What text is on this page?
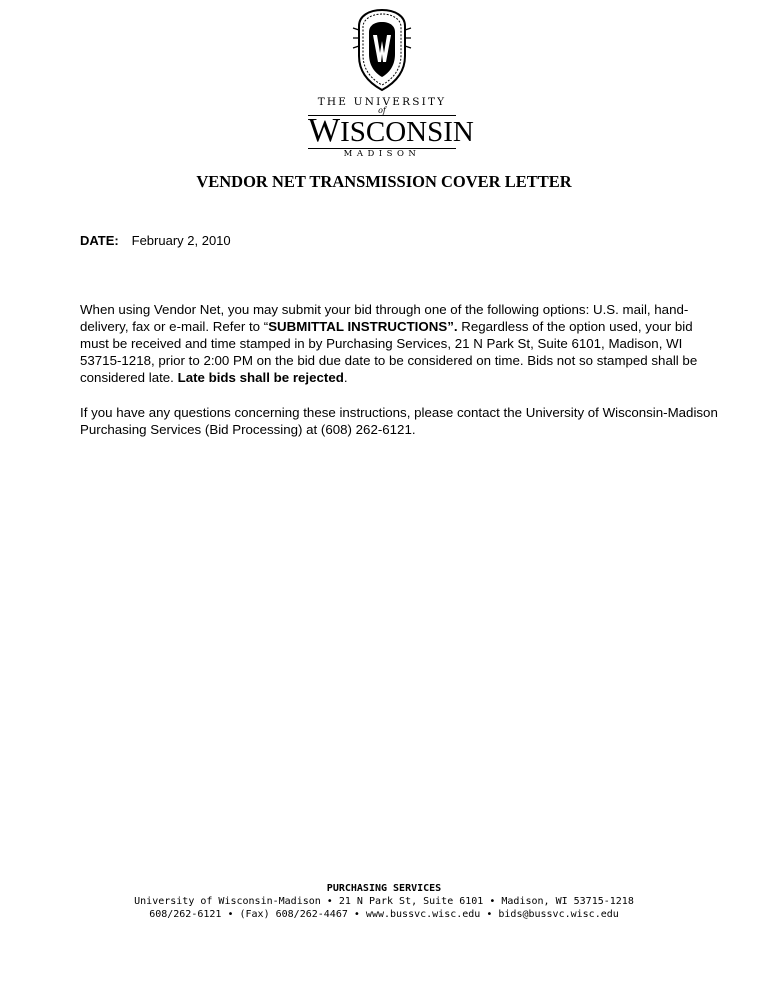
THE UNIVERSITY
of
WISCONSIN
MADISON
VENDOR NET TRANSMISSION COVER LETTER
DATE: February 2, 2010
When using Vendor Net, you may submit your bid through one of the following options: U.S. mail, hand-delivery, fax or e-mail. Refer to “SUBMITTAL INSTRUCTIONS”. Regardless of the option used, your bid must be received and time stamped in by Purchasing Services, 21 N Park St, Suite 6101, Madison, WI 53715-1218, prior to 2:00 PM on the bid due date to be considered on time. Bids not so stamped shall be considered late. Late bids shall be rejected.
If you have any questions concerning these instructions, please contact the University of Wisconsin-Madison Purchasing Services (Bid Processing) at (608) 262-6121.
PURCHASING SERVICES
University of Wisconsin-Madison • 21 N Park St, Suite 6101 • Madison, WI 53715-1218
608/262-6121 • (Fax) 608/262-4467 • www.bussvc.wisc.edu • bids@bussvc.wisc.edu
